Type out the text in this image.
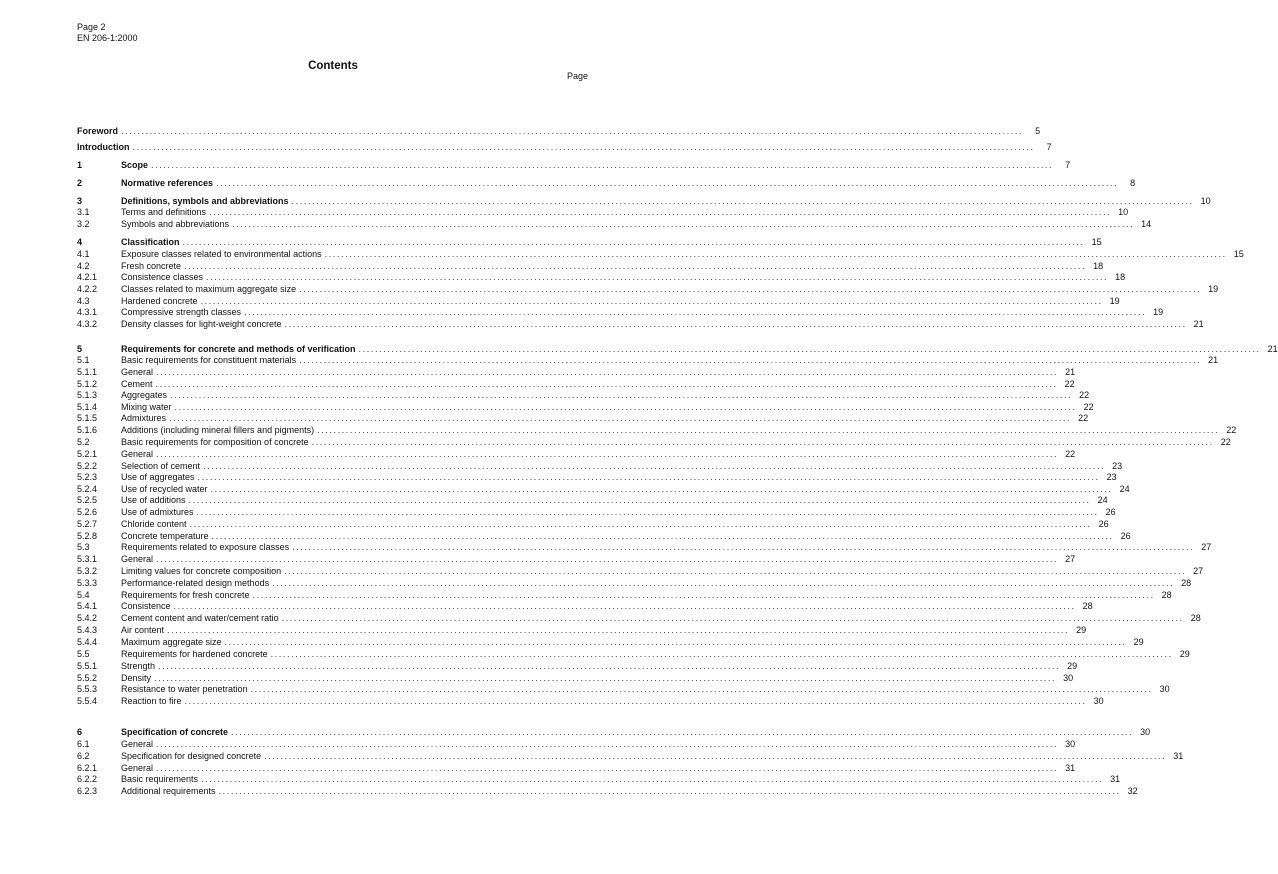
Page 2
EN 206-1:2000
Contents
Page
Foreword ............................................................................................................................................................................................................................	5
Introduction ............................................................................................................................................................................................................................	7
1	Scope ............................................................................................................................................................................................................................	7
2	Normative references ............................................................................................................................................................................................................................	8
3	Definitions, symbols and abbreviations ............................................................................................................................................................................................................................ 10
3.1	Terms and definitions ............................................................................................................................................................................................................................ 10
3.2	Symbols and abbreviations ............................................................................................................................................................................................................................ 14
4	Classification ............................................................................................................................................................................................................................ 15
4.1	Exposure classes related to environmental actions ............................................................................................................................................................................................................................ 15
4.2	Fresh concrete ............................................................................................................................................................................................................................ 18
4.2.1	Consistence classes ............................................................................................................................................................................................................................ 18
4.2.2	Classes related to maximum aggregate size ............................................................................................................................................................................................................................ 19
4.3	Hardened concrete ............................................................................................................................................................................................................................ 19
4.3.1	Compressive strength classes ............................................................................................................................................................................................................................ 19
4.3.2	Density classes for light-weight concrete ............................................................................................................................................................................................................................ 21
5	Requirements for concrete and methods of verification ............................................................................................................................................................................................................................ 21
5.1	Basic requirements for constituent materials ............................................................................................................................................................................................................................ 21
5.1.1	General ............................................................................................................................................................................................................................ 21
5.1.2	Cement ............................................................................................................................................................................................................................ 22
5.1.3	Aggregates ............................................................................................................................................................................................................................ 22
5.1.4	Mixing water ............................................................................................................................................................................................................................ 22
5.1.5	Admixtures ............................................................................................................................................................................................................................ 22
5.1.6	Additions (including mineral fillers and pigments) ............................................................................................................................................................................................................................ 22
5.2	Basic requirements for composition of concrete ............................................................................................................................................................................................................................ 22
5.2.1	General ............................................................................................................................................................................................................................ 22
5.2.2	Selection of cement ............................................................................................................................................................................................................................ 23
5.2.3	Use of aggregates ............................................................................................................................................................................................................................ 23
5.2.4	Use of recycled water ............................................................................................................................................................................................................................ 24
5.2.5	Use of additions ............................................................................................................................................................................................................................ 24
5.2.6	Use of admixtures ............................................................................................................................................................................................................................ 26
5.2.7	Chloride content ............................................................................................................................................................................................................................ 26
5.2.8	Concrete temperature ............................................................................................................................................................................................................................ 26
5.3	Requirements related to exposure classes ............................................................................................................................................................................................................................ 27
5.3.1	General ............................................................................................................................................................................................................................ 27
5.3.2	Limiting values for concrete composition ............................................................................................................................................................................................................................ 27
5.3.3	Performance-related design methods ............................................................................................................................................................................................................................ 28
5.4	Requirements for fresh concrete ............................................................................................................................................................................................................................ 28
5.4.1	Consistence ............................................................................................................................................................................................................................ 28
5.4.2	Cement content and water/cement ratio ............................................................................................................................................................................................................................ 28
5.4.3	Air content ............................................................................................................................................................................................................................ 29
5.4.4	Maximum aggregate size ............................................................................................................................................................................................................................ 29
5.5	Requirements for hardened concrete ............................................................................................................................................................................................................................ 29
5.5.1	Strength ............................................................................................................................................................................................................................ 29
5.5.2	Density ............................................................................................................................................................................................................................ 30
5.5.3	Resistance to water penetration ............................................................................................................................................................................................................................ 30
5.5.4	Reaction to fire ............................................................................................................................................................................................................................ 30
6	Specification of concrete ............................................................................................................................................................................................................................ 30
6.1	General ............................................................................................................................................................................................................................ 30
6.2	Specification for designed concrete ............................................................................................................................................................................................................................ 31
6.2.1	General ............................................................................................................................................................................................................................ 31
6.2.2	Basic requirements ............................................................................................................................................................................................................................ 31
6.2.3	Additional requirements ............................................................................................................................................................................................................................ 32
